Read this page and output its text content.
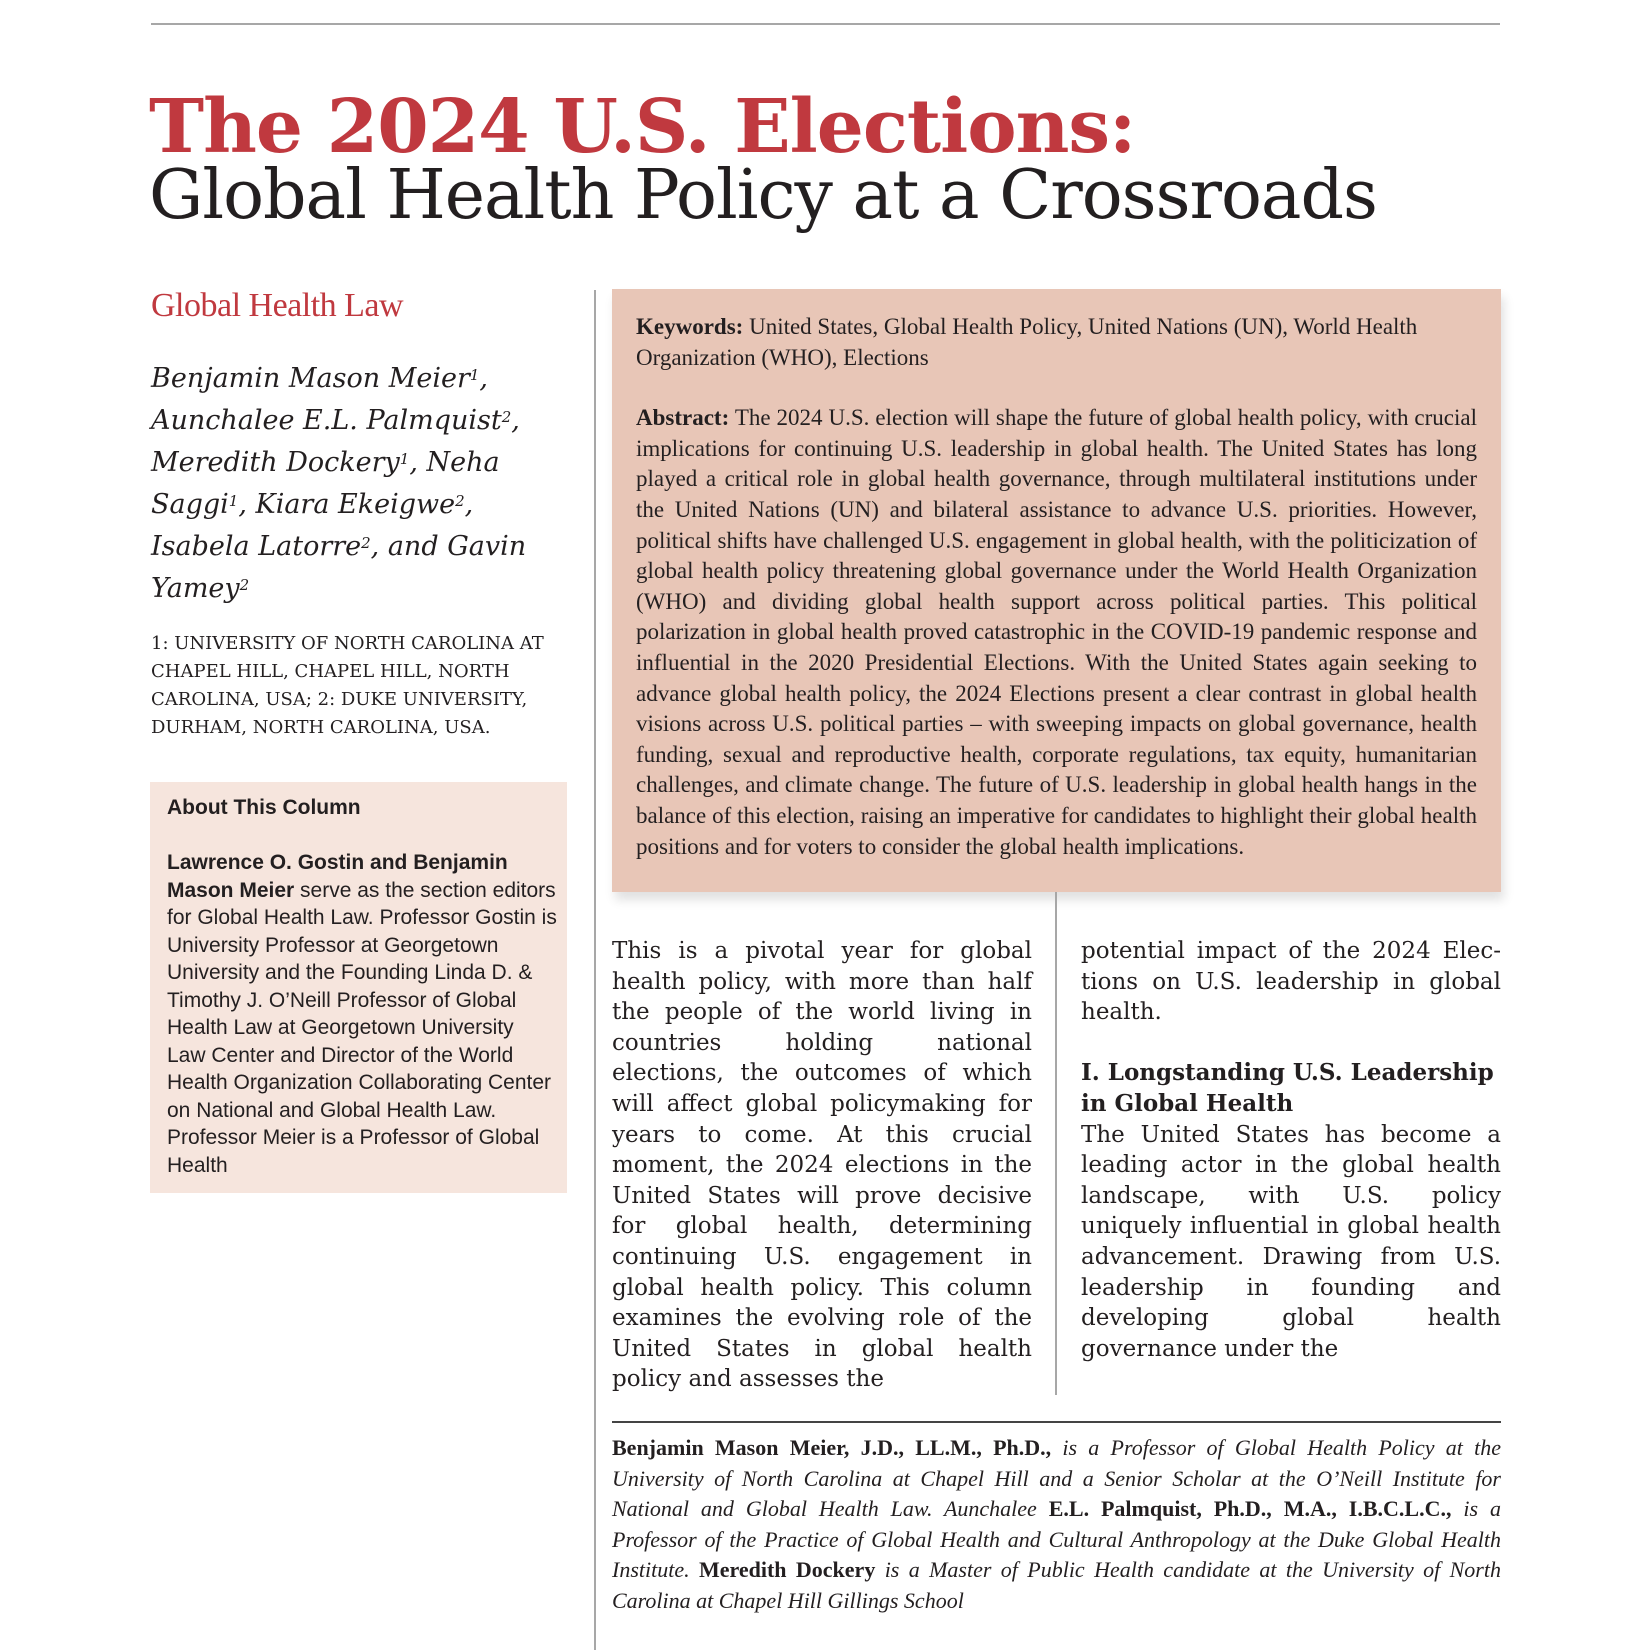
The 2024 U.S. Elections:
Global Health Policy at a Crossroads
Global Health Law
Benjamin Mason Meier$^1$, Aunchalee E.L. Palmquist$^2$, Meredith Dockery$^1$, Neha Saggi$^1$, Kiara Ekeigwe$^2$, Isabela Latorre$^2$, and Gavin Yamey$^2$
1: UNIVERSITY OF NORTH CAROLINA AT CHAPEL HILL, CHAPEL HILL, NORTH CAROLINA, USA; 2: DUKE UNIVERSITY, DURHAM, NORTH CAROLINA, USA.
About This Column
Lawrence O. Gostin and Benjamin Mason Meier serve as the section editors for Global Health Law. Professor Gostin is University Professor at Georgetown University and the Founding Linda D. & Timothy J. O’Neill Professor of Global Health Law at Georgetown University Law Center and Director of the World Health Organization Collaborating Center on National and Global Health Law. Professor Meier is a Professor of Global Health
Keywords: United States, Global Health Policy, United Nations (UN), World Health Organization (WHO), Elections
Abstract: The 2024 U.S. election will shape the future of global health policy, with crucial implications for continuing U.S. leadership in global health. The United States has long played a critical role in global health governance, through multilateral institutions under the United Nations (UN) and bilateral assistance to advance U.S. priorities. However, political shifts have challenged U.S. engagement in global health, with the politicization of global health policy threatening global governance under the World Health Organization (WHO) and dividing global health support across political parties. This political polarization in global health proved catastrophic in the COVID-19 pandemic response and influential in the 2020 Presidential Elections. With the United States again seeking to advance global health policy, the 2024 Elections present a clear contrast in global health visions across U.S. political parties – with sweeping impacts on global governance, health funding, sexual and reproductive health, corporate regulations, tax equity, humanitarian challenges, and climate change. The future of U.S. leadership in global health hangs in the balance of this election, raising an imperative for candidates to highlight their global health positions and for voters to consider the global health implications.
This is a pivotal year for global health policy, with more than half the people of the world living in countries holding national elections, the outcomes of which will affect global policymaking for years to come. At this crucial moment, the 2024 elections in the United States will prove decisive for global health, determining continuing U.S. engagement in global health policy. This column examines the evolving role of the United States in global health policy and assesses the
potential impact of the 2024 Elections on U.S. leadership in global health.
I. Longstanding U.S. Leadership in Global Health
The United States has become a leading actor in the global health landscape, with U.S. policy uniquely influential in global health advancement. Drawing from U.S. leadership in founding and developing global health governance under the
Benjamin Mason Meier, J.D., LL.M., Ph.D., is a Professor of Global Health Policy at the University of North Carolina at Chapel Hill and a Senior Scholar at the O’Neill Institute for National and Global Health Law. Aunchalee E.L. Palmquist, Ph.D., M.A., I.B.C.L.C., is a Professor of the Practice of Global Health and Cultural Anthropology at the Duke Global Health Institute. Meredith Dockery is a Master of Public Health candidate at the University of North Carolina at Chapel Hill Gillings School
